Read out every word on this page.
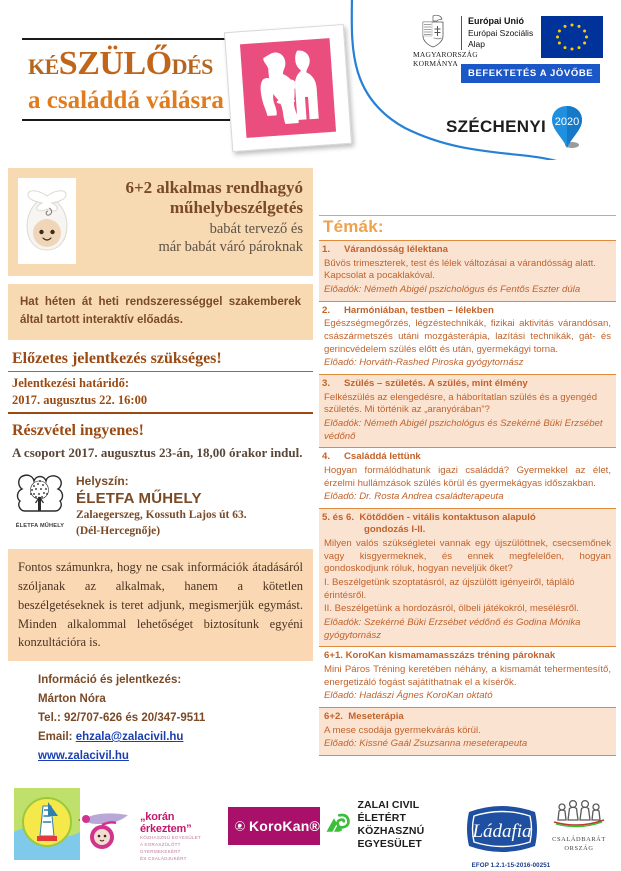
KÉSZÜLŐDÉS
a családdá válásra
MAGYARORSZÁG
KORMÁNYA
Európai Unió
Európai Szociális
Alap
BEFEKTETÉS A JÖVŐBE
SZÉCHENYI 2020
6+2 alkalmas rendhagyó
műhelybeszélgetés
babát tervező és
már babát váró pároknak
Hat héten át heti rendszerességgel szakemberek által tartott interaktív előadás.
Előzetes jelentkezés szükséges!
Jelentkezési határidő:
2017. augusztus 22. 16:00
Részvétel ingyenes!
A csoport 2017. augusztus 23-án, 18,00 órakor indul.
ÉLETFA MŰHELY
Helyszín:
ÉLETFA MŰHELY
Zalaegerszeg, Kossuth Lajos út 63.
(Dél-Hercegnője)
Fontos számunkra, hogy ne csak információk átadásáról szóljanak az alkalmak, hanem a kötetlen beszélgetéseknek is teret adjunk, megismerjük egymást. Minden alkalommal lehetőséget biztosítunk egyéni konzultációra is.
Információ és jelentkezés:
Márton Nóra
Tel.: 92/707-626 és 20/347-9511
Email: ehzala@zalacivil.hu
www.zalacivil.hu
Témák:
1. Várandósság lélektana
Bűvös trimeszterek, test és lélek változásai a várandósság alatt. Kapcsolat a pocaklakóval.
Előadók: Németh Abigél pszichológus és Fentős Eszter dúla
2. Harmóniában, testben – lélekben
Egészségmegőrzés, légzéstechnikák, fizikai aktivitás várandósan, császármetszés utáni mozgásterápia, lazítási technikák, gát- és gerincvédelem szülés előtt és után, gyermekágyi torna.
Előadó: Horváth-Rashed Piroska gyógytornász
3. Szülés – születés. A szülés, mint élmény
Felkészülés az elengedésre, a háborítatlan szülés és a gyengéd születés. Mi történik az „aranyórában”?
Előadók: Németh Abigél pszichológus és Szekérné Büki Erzsébet védőnő
4. Családdá lettünk
Hogyan formálódhatunk igazi családdá? Gyermekkel az élet, érzelmi hullámzások szülés körül és gyermekágyas időszakban.
Előadó: Dr. Rosta Andrea családterapeuta
5. és 6. Kötődően - vitális kontaktuson alapuló
gondozás I-II.
Milyen valós szükségletei vannak egy újszülöttnek, csecsemőnek vagy kisgyermeknek, és ennek megfelelően, hogyan gondoskodjunk róluk, hogyan neveljük őket?
I. Beszélgetünk szoptatásról, az újszülött igényeiről, tápláló érintésről.
II. Beszélgetünk a hordozásról, ölbeli játékokról, mesélésről.
Előadók: Szekérné Büki Erzsébet védőnő és Godina Mónika gyógytornász
6+1. KoroKan kismamamasszázs tréning pároknak
Mini Páros Tréning keretében néhány, a kismamát tehermentesítő, energetizáló fogást sajátíthatnak el a kísérők.
Előadó: Hadászi Ágnes KoroKan oktató
6+2. Meseterápia
A mese csodája gyermekvárás körül.
Előadó: Kissné Gaál Zsuzsanna meseterapeuta
„korán érkeztem”
KÖZHASZNÚ EGYESÜLET
A KORASZÜLÖTT GYERMEKEKÉRT
ÉS CSALÁDJUKÉRT
KoroKan®
ZALAI CIVIL ÉLETÉRT
KÖZHASZNÚ EGYESÜLET
Ládafia
EFOP 1.2.1-15-2016-00251
CSALÁDBARÁT
ORSZÁG
